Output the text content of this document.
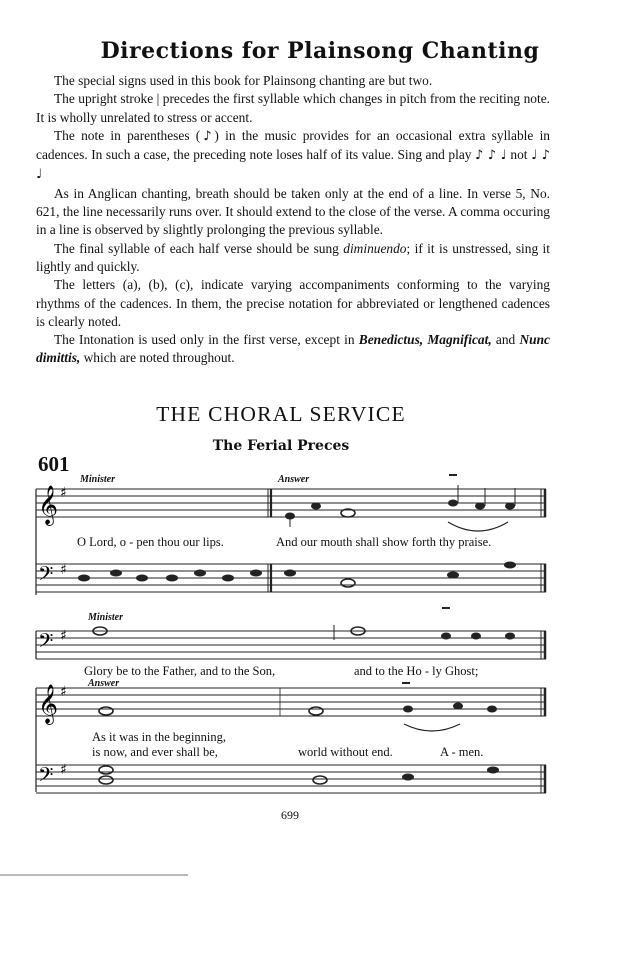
Directions for Plainsong Chanting

The special signs used in this book for Plainsong chanting are but two.

The upright stroke | precedes the first syllable which changes in pitch from the reciting note. It is wholly unrelated to stress or accent.

The note in parentheses (♪) in the music provides for an occasional extra syllable in cadences. In such a case, the preceding note loses half of its value. Sing and play ♪ ♪ ♩ not ♩ ♪ ♩

As in Anglican chanting, breath should be taken only at the end of a line. In verse 5, No. 621, the line necessarily runs over. It should extend to the close of the verse. A comma occuring in a line is observed by slightly prolonging the previous syllable.

The final syllable of each half verse should be sung diminuendo; if it is unstressed, sing it lightly and quickly.

The letters (a), (b), (c), indicate varying accompaniments conforming to the varying rhythms of the cadences. In them, the precise notation for abbreviated or lengthened cadences is clearly noted.

The Intonation is used only in the first verse, except in Benedictus, Magnificat, and Nunc dimittis, which are noted throughout.

THE CHORAL SERVICE
The Ferial Preces
601
𝄞 ♯
𝄢 ♯
𝄢 ♯
𝄞 ♯
𝄢 ♯
Minister	Answer
O Lord, o - pen thou our lips.	And our mouth shall show forth thy praise.
Minister
Glory be to the Father, and to the Son,	and to the Ho - ly Ghost;
Answer
As it was in the beginning,
is now, and ever shall be,	world without end.	A - men.
699
